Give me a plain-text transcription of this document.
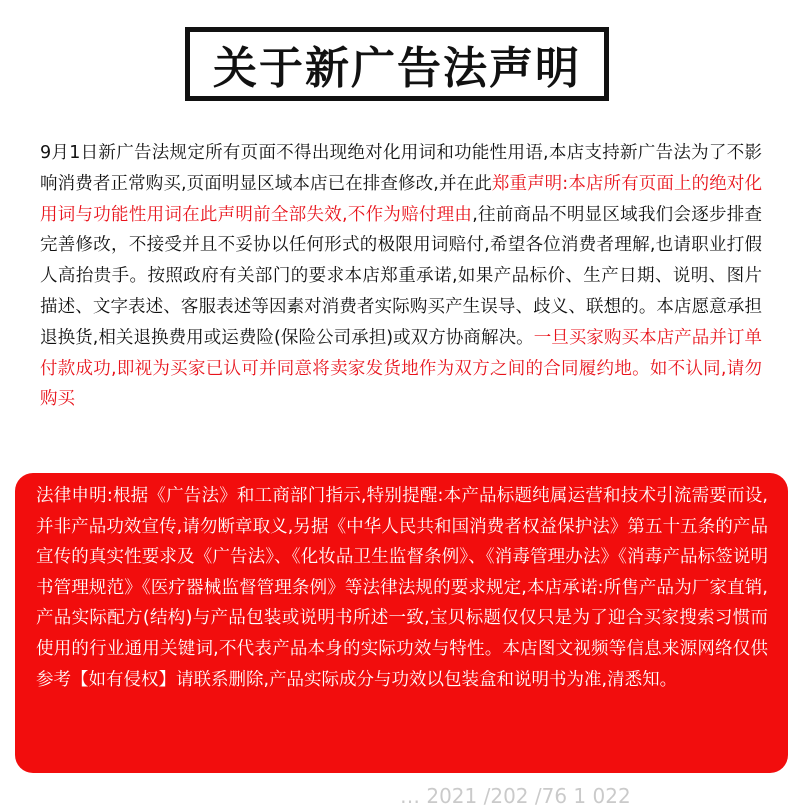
关于新广告法声明
9月1日新广告法规定所有页面不得出现绝对化用词和功能性用语,本店支持新广告法为了不影响消费者正常购买,页面明显区域本店已在排查修改,并在此郑重声明:本店所有页面上的绝对化用词与功能性用词在此声明前全部失效,不作为赔付理由,往前商品不明显区域我们会逐步排查完善修改，不接受并且不妥协以任何形式的极限用词赔付,希望各位消费者理解,也请职业打假人高抬贵手。按照政府有关部门的要求本店郑重承诺,如果产品标价、生产日期、说明、图片描述、文字表述、客服表述等因素对消费者实际购买产生误导、歧义、联想的。本店愿意承担退换货,相关退换费用或运费险(保险公司承担)或双方协商解决。一旦买家购买本店产品并订单付款成功,即视为买家已认可并同意将卖家发货地作为双方之间的合同履约地。如不认同,请勿购买
法律申明:根据《广告法》和工商部门指示,特别提醒:本产品标题纯属运营和技术引流需要而设, 并非产品功效宣传,请勿断章取义,另据《中华人民共和国消费者权益保护法》第五十五条的产品宣传的真实性要求及《广告法》、《化妆品卫生监督条例》、《消毒管理办法》《消毒产品标签说明书管理规范》《医疗器械监督管理条例》等法律法规的要求规定,本店承诺:所售产品为厂家直销,产品实际配方(结构)与产品包装或说明书所述一致,宝贝标题仅仅只是为了迎合买家搜索习惯而使用的行业通用关键词,不代表产品本身的实际功效与特性。本店图文视频等信息来源网络仅供参考【如有侵权】请联系删除,产品实际成分与功效以包装盒和说明书为准,清悉知。
… 2021 /202 /76 1 022
